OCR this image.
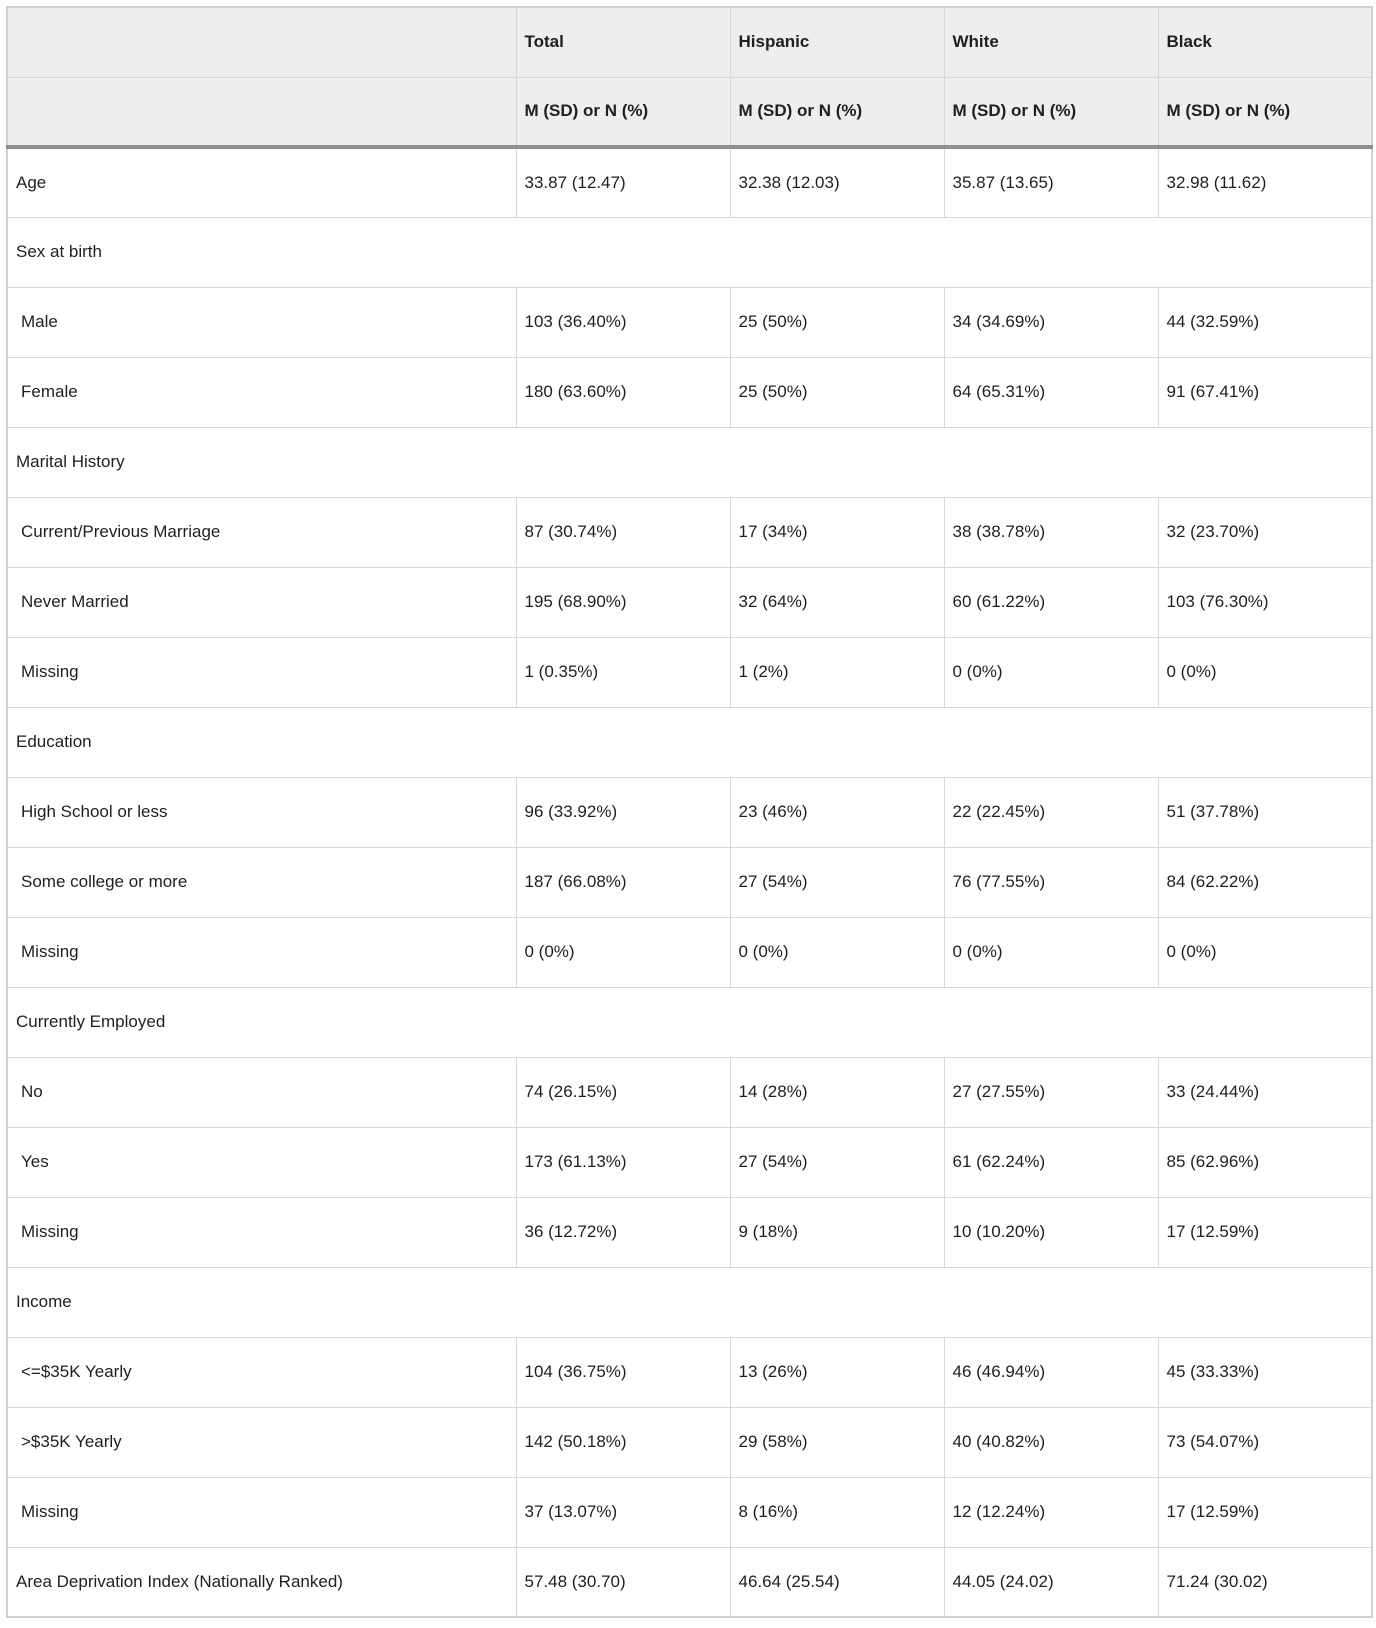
	Total	Hispanic	White	Black
	M (SD) or N (%)	M (SD) or N (%)	M (SD) or N (%)	M (SD) or N (%)
Age	33.87 (12.47)	32.38 (12.03)	35.87 (13.65)	32.98 (11.62)
Sex at birth				
Male	103 (36.40%)	25 (50%)	34 (34.69%)	44 (32.59%)
Female	180 (63.60%)	25 (50%)	64 (65.31%)	91 (67.41%)
Marital History				
Current/Previous Marriage	87 (30.74%)	17 (34%)	38 (38.78%)	32 (23.70%)
Never Married	195 (68.90%)	32 (64%)	60 (61.22%)	103 (76.30%)
Missing	1 (0.35%)	1 (2%)	0 (0%)	0 (0%)
Education				
High School or less	96 (33.92%)	23 (46%)	22 (22.45%)	51 (37.78%)
Some college or more	187 (66.08%)	27 (54%)	76 (77.55%)	84 (62.22%)
Missing	0 (0%)	0 (0%)	0 (0%)	0 (0%)
Currently Employed				
No	74 (26.15%)	14 (28%)	27 (27.55%)	33 (24.44%)
Yes	173 (61.13%)	27 (54%)	61 (62.24%)	85 (62.96%)
Missing	36 (12.72%)	9 (18%)	10 (10.20%)	17 (12.59%)
Income				
<=$35K Yearly	104 (36.75%)	13 (26%)	46 (46.94%)	45 (33.33%)
>$35K Yearly	142 (50.18%)	29 (58%)	40 (40.82%)	73 (54.07%)
Missing	37 (13.07%)	8 (16%)	12 (12.24%)	17 (12.59%)
Area Deprivation Index (Nationally Ranked)	57.48 (30.70)	46.64 (25.54)	44.05 (24.02)	71.24 (30.02)
